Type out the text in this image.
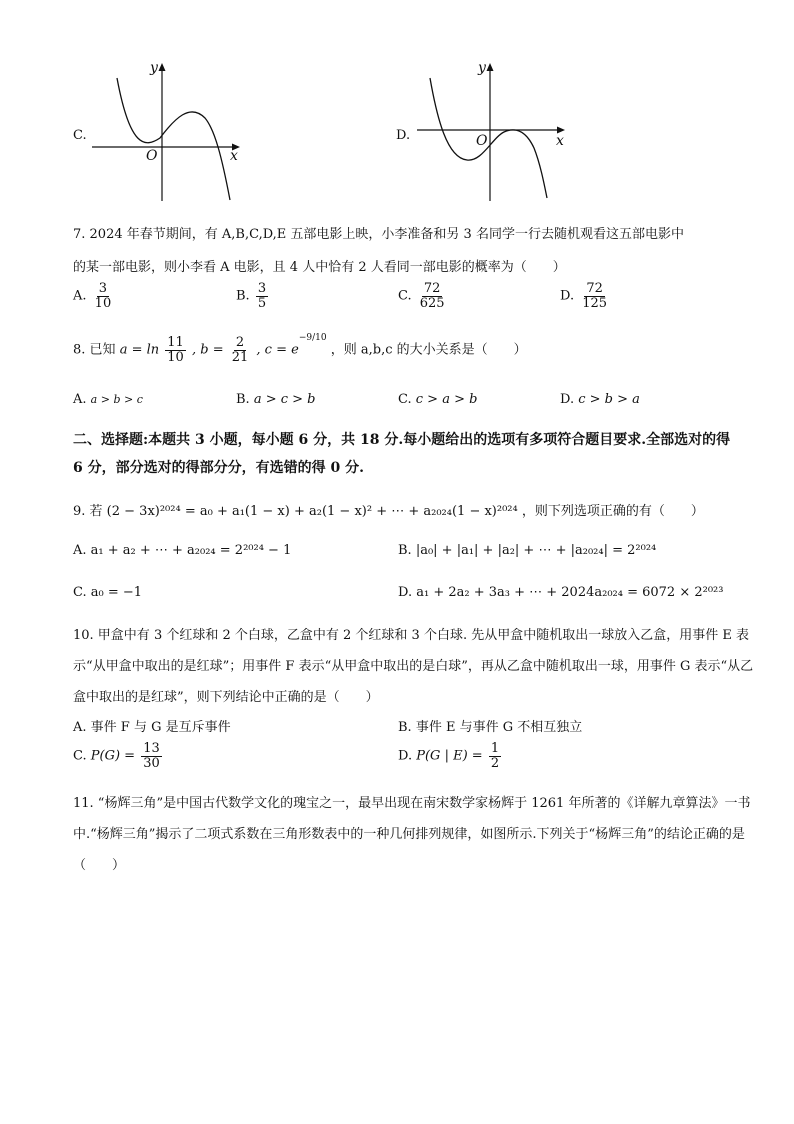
C.
y
O	x
D.
y
O	x
7. 2024 年春节期间，有 A,B,C,D,E 五部电影上映，小李准备和另 3 名同学一行去随机观看这五部电影中
的某一部电影，则小李看 A 电影，且 4 人中恰有 2 人看同一部电影的概率为（　　）
A. $\frac{3}{10}$	B. $\frac{3}{5}$	C. $\frac{72}{625}$	D. $\frac{72}{125}$
8. 已知 $a = \ln \frac{11}{10}$ , $b = \frac{2}{21}$ , $c = e^{-9/10}$ ，则 a,b,c 的大小关系是（　　）
A. a > b > c	B. a > c > b	C. c > a > b	D. c > b > a
二、选择题:本题共 3 小题，每小题 6 分，共 18 分.每小题给出的选项有多项符合题目要求.全部选对的得 6 分，部分选对的得部分分，有选错的得 0 分.
9. 若 (2 − 3x)²⁰²⁴ = a₀ + a₁(1 − x) + a₂(1 − x)² + ⋯ + a₂₀₂₄(1 − x)²⁰²⁴ ，则下列选项正确的有（　　）
A. a₁ + a₂ + ⋯ + a₂₀₂₄ = 2²⁰²⁴ − 1	B. |a₀| + |a₁| + |a₂| + ⋯ + |a₂₀₂₄| = 2²⁰²⁴
C. a₀ = −1	D. a₁ + 2a₂ + 3a₃ + ⋯ + 2024a₂₀₂₄ = 6072 × 2²⁰²³
10. 甲盒中有 3 个红球和 2 个白球，乙盒中有 2 个红球和 3 个白球. 先从甲盒中随机取出一球放入乙盒，用事件 E 表示“从甲盒中取出的是红球”；用事件 F 表示“从甲盒中取出的是白球”，再从乙盒中随机取出一球，用事件 G 表示“从乙盒中取出的是红球”，则下列结论中正确的是（　　）
A. 事件 F 与 G 是互斥事件	B. 事件 E 与事件 G 不相互独立
C. $P(G) = \frac{13}{30}$	D. P(G | $E) = \frac{1}{2}$
11. “杨辉三角”是中国古代数学文化的瑰宝之一，最早出现在南宋数学家杨辉于 1261 年所著的《详解九章算法》一书中.“杨辉三角”揭示了二项式系数在三角形数表中的一种几何排列规律，如图所示.下列关于“杨辉三角”的结论正确的是（　　）
